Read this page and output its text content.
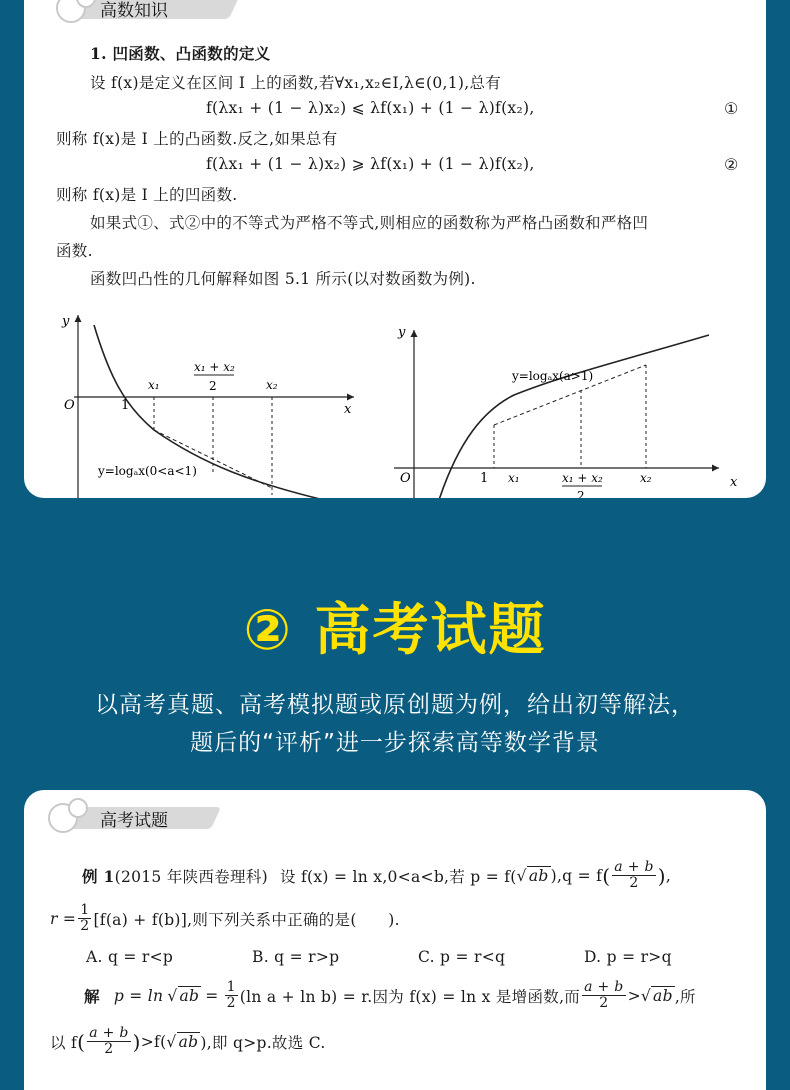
高数知识
1. 凹函数、凸函数的定义
设 f(x)是定义在区间 I 上的函数,若∀x₁,x₂∈I,λ∈(0,1),总有
f(λx₁ + (1 − λ)x₂) ⩽ λf(x₁) + (1 − λ)f(x₂),	①
则称 f(x)是 I 上的凸函数.反之,如果总有
f(λx₁ + (1 − λ)x₂) ⩾ λf(x₁) + (1 − λ)f(x₂),	②
则称 f(x)是 I 上的凹函数.
如果式①、式②中的不等式为严格不等式,则相应的函数称为严格凸函数和严格凹
函数.
函数凹凸性的几何解释如图 5.1 所示(以对数函数为例).
y
O	1
x₁
x₁ + x₂
2	x₂
x
y=logₐx(0<a<1)
y
O	1 x₁	x₁ + x₂
2
x₂	x
y=logₐx(a>1)
② 高考试题
以高考真题、高考模拟题或原创题为例，给出初等解法，
题后的“评析”进一步探索高等数学背景
高考试题
例 1 (2015 年陕西卷理科) 设 f(x) = ln x,0<a<b,若 p = f( √ ab ),q = f ( $\frac{a + b}{2}$ ) ,
$r = \frac{1}{2} [f(a) + f(b)]$,则下列关系中正确的是(　　).
A. q = r<p	B. q = r>p	C. p = r<q	D. p = r>q
解 p = ln √ ab = $\frac{1}{2} (\ln$ a + ln b) = r.因为 f(x) = ln x 是增函数,而 $\frac{a + b}{2}$ > √ ab ,所
以 f ( $\frac{a + b}{2}$ ) >f( √ ab ),即 q>p.故选 C.
